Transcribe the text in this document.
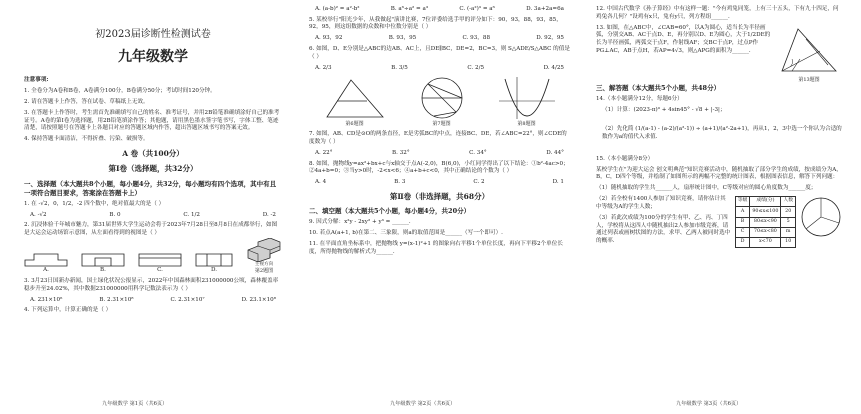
初2023届诊断性检测试卷
九年级数学

注意事项:

1. 全卷分为A卷和B卷，A卷满分100分，B卷满分50分；考试时间120分钟。

2. 请在答题卡上作答，答在试卷、草稿纸上无效。

3. 在答题卡上作答时，考生需首先准确填写自己的姓名、准考证号，并用2B铅笔准确填涂好自己的准考证号。A卷的第Ⅰ卷为选择题，用2B铅笔填涂作答；其他题，请用黑色墨水签字笔书写，字体工整、笔迹清楚，请按照题号在答题卡上各题目对应的答题区域内作答，超出答题区域书写的答案无效。

4. 保持答题卡面清洁，不得折叠、污染、破损等。

A 卷（共100分）
第Ⅰ卷（选择题，共32分）

一、选择题（本大题共8个小题，每小题4分，共32分，每小题均有四个选项，其中有且一项符合题目要求，答案涂在答题卡上）

1. 在 -√2，0，1/2，-2 四个数中，绝对值最大的是（ ）

A. -√2	B. 0	C. 1/2	D. -2

2. 沉浸体验千年城市魅力，第31届世界大学生运动会将于2023年7月28日至8月8日在成都举行，如图是大运会运动场馆示意图，从左面看得到的视图是（ ）

A.	B.	C.	D.
主视方向
第2题图

3. 3月23日国新办新闻，国土绿化状况公报显示，2022年中国森林面积231000000公顷，森林覆盖率稳步升至24.02%，其中数据231000000用科学记数法表示为（ ）

A. 231×10⁶	B. 2.31×10⁸	C. 2.31×10⁷	D. 23.1×10⁸

4. 下列运算中，计算正确的是（ ）

九年级数学 第1页（共6页）
A. (a-b)² = a²-b²	B. a⁶÷a² = a³	C. (-a²)³ = a⁶	D. 3a+2a=6a

5. 某校举行"阳光少年，从我做起"演讲比赛，7位评委给选手甲的评分如下：90，93，88，93，85，92，95，则这组数据的众数和中位数分别是（ ）

A. 93，92	B. 93，95	C. 93，88	D. 92，95

6. 如图，D、E分别是△ABC的边AB、AC上，且DE∥BC，DE=2，BC=3，则 S△ADE/S△ABC 的值是（ ）

A. 2/3	B. 3/5	C. 2/5	D. 4/25
第6题图	第7题图	第8题图

7. 如图，AB、CD是⊙O的两条直径，E是劣弧BC的中点，连接BC、DE，若∠ABC=22°，则∠CDE的度数为（ ）

A. 22°	B. 32°	C. 34°	D. 44°

8. 如图，抛物线y=ax²+bx+c与x轴交于点A(-2,0)，B(6,0)，小红同学得出了以下结论：①b²-4ac>0；②4a+b=0；③当y>0时，-2<x<6；④a+b+c<0，其中正确结论的个数为（ ）

A. 4	B. 3	C. 2	D. 1
第Ⅱ卷（非选择题，共68分）

二、填空题（本大题共5个小题，每小题4分，共20分）

9. 因式分解：x²y - 2xy² + y³ = ______.

10. 若点A(a+1, b)在第二、三象限，则a的取值范围是______（写一个即可）.

11. 在平面直角坐标系中，把抛物线 y=(x-1)²+1 的图象向右平移1个单位长度，再向下平移2个单位长度，所得抛物线的解析式为______.

九年级数学 第2页（共6页）

12. 中国古代数学《孙子算经》中有这样一题："今有鸡兔同笼，上有三十五头，下有九十四足，问鸡兔各几何？"设鸡有x只，兔有y只，列方程组______.

13. 如图，在△ABC中，∠CAB=60°，以A为圆心，适当长为半径画弧，分别交AB、AC于点D、E，再分别以D、E为圆心，大于1/2DE的长为半径画弧，两弧交于点F，作射线AF；交BC于点P，过点P作PG⊥AC，AB于点H，若AP=4√3，则△APG的面积为______.

第13题图

三、解答题（本大题共5个小题，共48分）

14.（本小题满分12分，每题6分）

（1）计算：(2023-π)⁰ + 4sin45° - √8 + |-3|；

（2）先化简 (1/(a-1) - (a-2)/(a²-1)) ÷ (a+1)/(a²-2a+1)，再从1，2，3中选一个你认为合适的数作为a的值代入求值.

15.（本小题满分8分）

某校学生在"为迎大运会 创文明典范"知识竞赛活动中，随机抽取了部分学生的成绩，按成绩分为A，B，C，D四个等级，并绘制了如图所示的两幅不完整的统计图表，根据图表信息，解答下列问题：

（1）随机抽取的学生共______人，扇形统计图中，C等级对应的圆心角度数为______度；

（2）若全校有1400人参加了知识竞赛，请你估计其中等级为A的学生人数；

（3）若此次成绩为100分的学生有甲、乙、丙、丁四人，学校将从这四人中随机抽出2人参加市级竞赛，请通过列表或画树状图的方法，求甲、乙两人被同时选中的概率.

等级	成绩(分)	人数
A	90≤x≤100	20
B	80≤x<90	5
C	70≤x<80	m
D	x<70	10
九年级数学 第3页（共6页）
